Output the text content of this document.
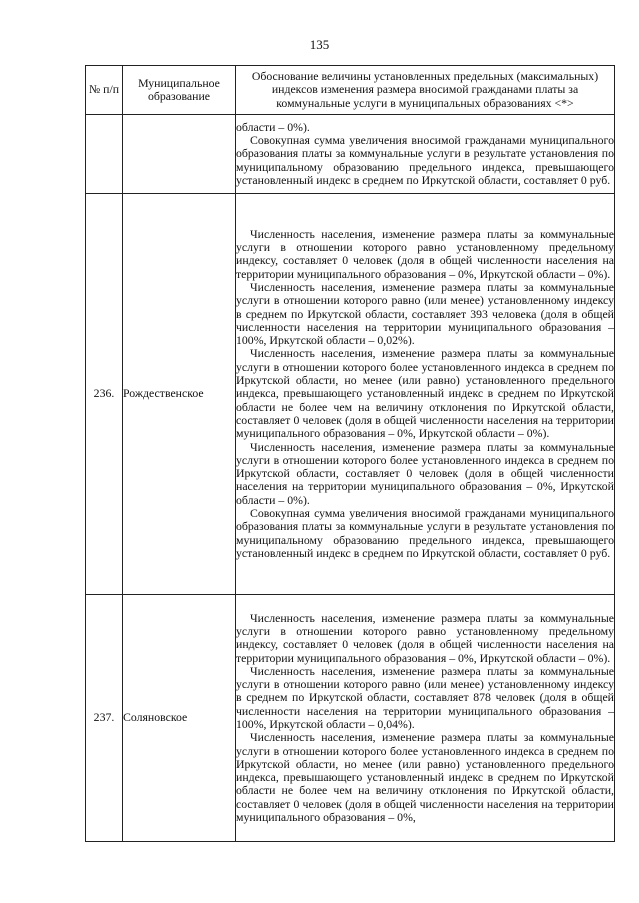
135
№ п/п	Муниципальное образование	Обоснование величины установленных предельных (максимальных) индексов изменения размера вносимой гражданами платы за коммунальные услуги в муниципальных образованиях <*>

		области – 0%).

Совокупная сумма увеличения вносимой гражданами муниципального образования платы за коммунальные услуги в результате установления по муниципальному образованию предельного индекса, превышающего установленный индекс в среднем по Иркутской области, составляет 0 руб.

236.	Рождественское	Численность населения, изменение размера платы за коммунальные услуги в отношении которого равно установленному предельному индексу, составляет 0 человек (доля в общей численности населения на территории муниципального образования – 0%, Иркутской области – 0%).

Численность населения, изменение размера платы за коммунальные услуги в отношении которого равно (или менее) установленному индексу в среднем по Иркутской области, составляет 393 человека (доля в общей численности населения на территории муниципального образования – 100%, Иркутской области – 0,02%).

Численность населения, изменение размера платы за коммунальные услуги в отношении которого более установленного индекса в среднем по Иркутской области, но менее (или равно) установленного предельного индекса, превышающего установленный индекс в среднем по Иркутской области не более чем на величину отклонения по Иркутской области, составляет 0 человек (доля в общей численности населения на территории муниципального образования – 0%, Иркутской области – 0%).

Численность населения, изменение размера платы за коммунальные услуги в отношении которого более установленного индекса в среднем по Иркутской области, составляет 0 человек (доля в общей численности населения на территории муниципального образования – 0%, Иркутской области – 0%).

Совокупная сумма увеличения вносимой гражданами муниципального образования платы за коммунальные услуги в результате установления по муниципальному образованию предельного индекса, превышающего установленный индекс в среднем по Иркутской области, составляет 0 руб.

237.	Соляновское	Численность населения, изменение размера платы за коммунальные услуги в отношении которого равно установленному предельному индексу, составляет 0 человек (доля в общей численности населения на территории муниципального образования – 0%, Иркутской области – 0%).

Численность населения, изменение размера платы за коммунальные услуги в отношении которого равно (или менее) установленному индексу в среднем по Иркутской области, составляет 878 человек (доля в общей численности населения на территории муниципального образования – 100%, Иркутской области – 0,04%).

Численность населения, изменение размера платы за коммунальные услуги в отношении которого более установленного индекса в среднем по Иркутской области, но менее (или равно) установленного предельного индекса, превышающего установленный индекс в среднем по Иркутской области не более чем на величину отклонения по Иркутской области, составляет 0 человек (доля в общей численности населения на территории муниципального образования – 0%,
